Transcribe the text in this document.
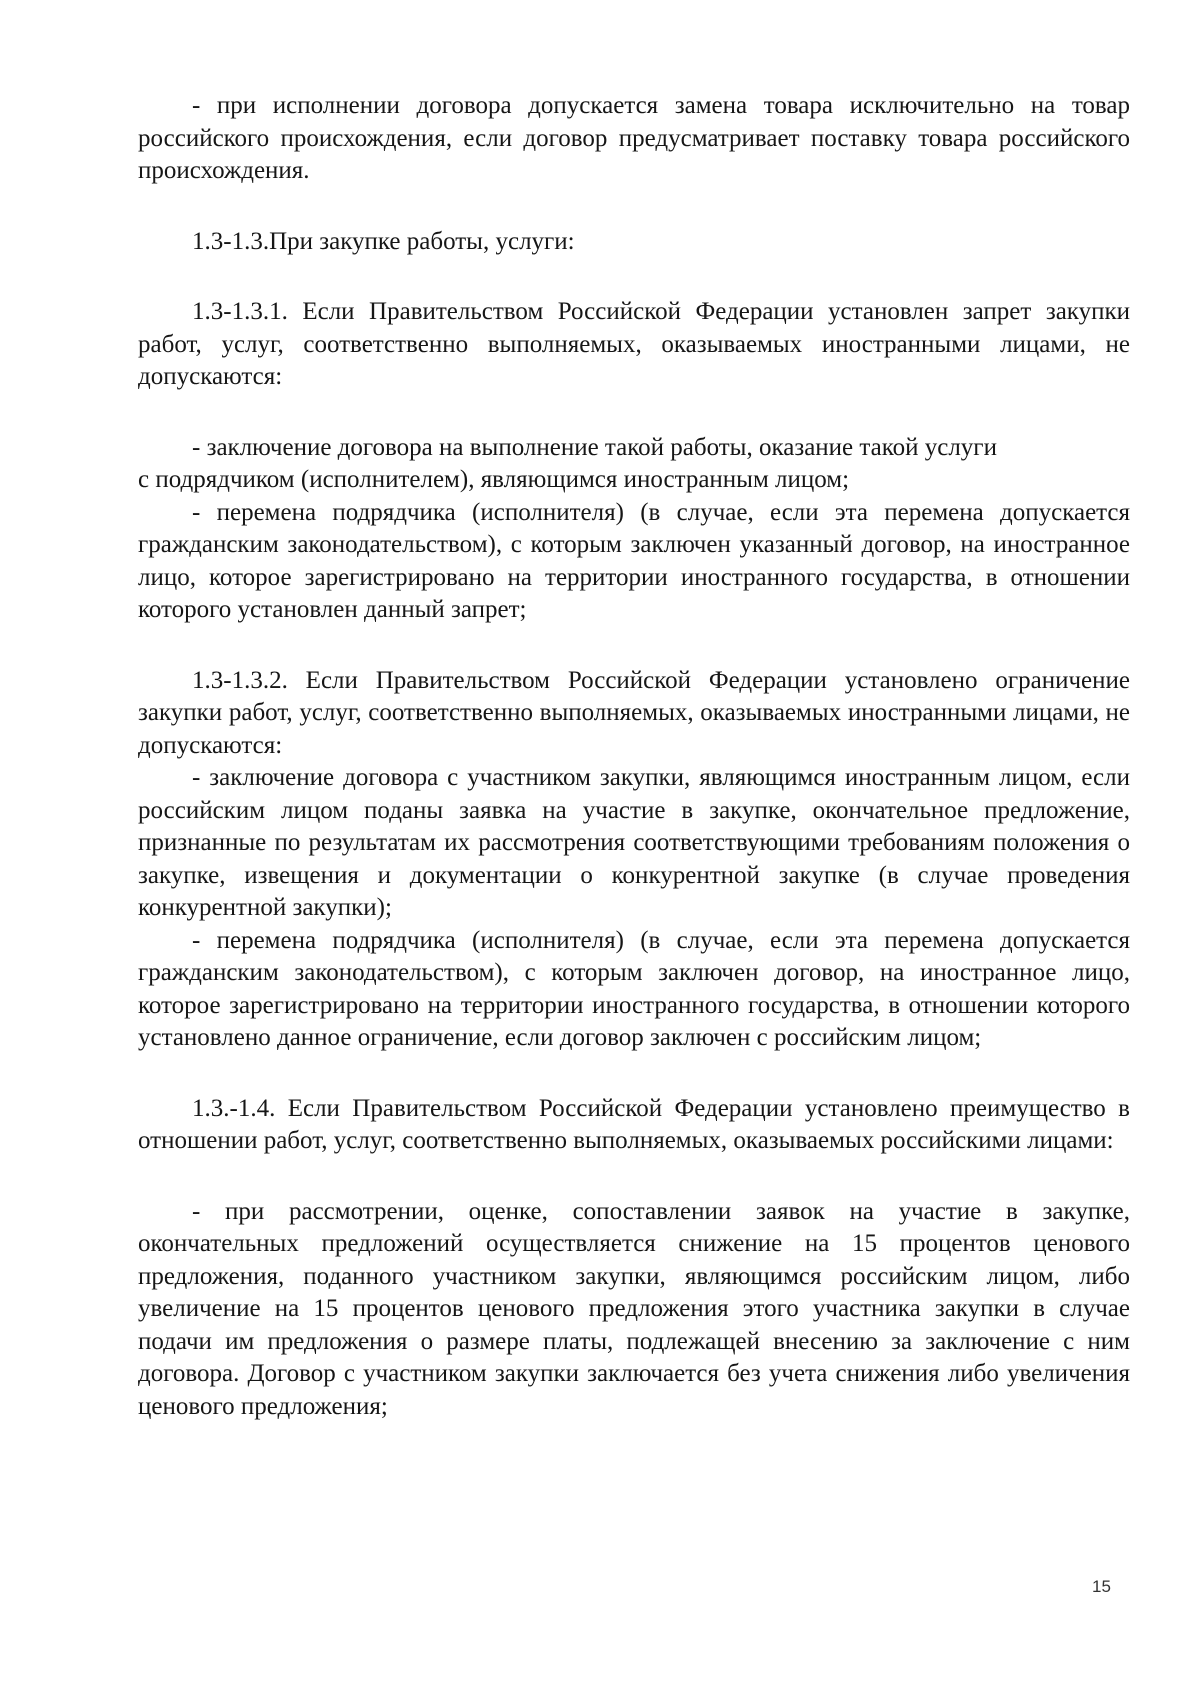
- при исполнении договора допускается замена товара исключительно на товар российского происхождения, если договор предусматривает поставку товара российского происхождения.

1.3-1.3.При закупке работы, услуги:

1.3-1.3.1. Если Правительством Российской Федерации установлен запрет закупки работ, услуг, соответственно выполняемых, оказываемых иностранными лицами, не допускаются:

- заключение договора на выполнение такой работы, оказание такой услуги

с подрядчиком (исполнителем), являющимся иностранным лицом;

- перемена подрядчика (исполнителя) (в случае, если эта перемена допускается гражданским законодательством), с которым заключен указанный договор, на иностранное лицо, которое зарегистрировано на территории иностранного государства, в отношении которого установлен данный запрет;

1.3-1.3.2. Если Правительством Российской Федерации установлено ограничение закупки работ, услуг, соответственно выполняемых, оказываемых иностранными лицами, не допускаются:

- заключение договора с участником закупки, являющимся иностранным лицом, если российским лицом поданы заявка на участие в закупке, окончательное предложение, признанные по результатам их рассмотрения соответствующими требованиям положения о закупке, извещения и документации о конкурентной закупке (в случае проведения конкурентной закупки);

- перемена подрядчика (исполнителя) (в случае, если эта перемена допускается гражданским законодательством), с которым заключен договор, на иностранное лицо, которое зарегистрировано на территории иностранного государства, в отношении которого установлено данное ограничение, если договор заключен с российским лицом;

1.3.-1.4. Если Правительством Российской Федерации установлено преимущество в отношении работ, услуг, соответственно выполняемых, оказываемых российскими лицами:

- при рассмотрении, оценке, сопоставлении заявок на участие в закупке, окончательных предложений осуществляется снижение на 15 процентов ценового предложения, поданного участником закупки, являющимся российским лицом, либо увеличение на 15 процентов ценового предложения этого участника закупки в случае подачи им предложения о размере платы, подлежащей внесению за заключение с ним договора. Договор с участником закупки заключается без учета снижения либо увеличения ценового предложения;

15
